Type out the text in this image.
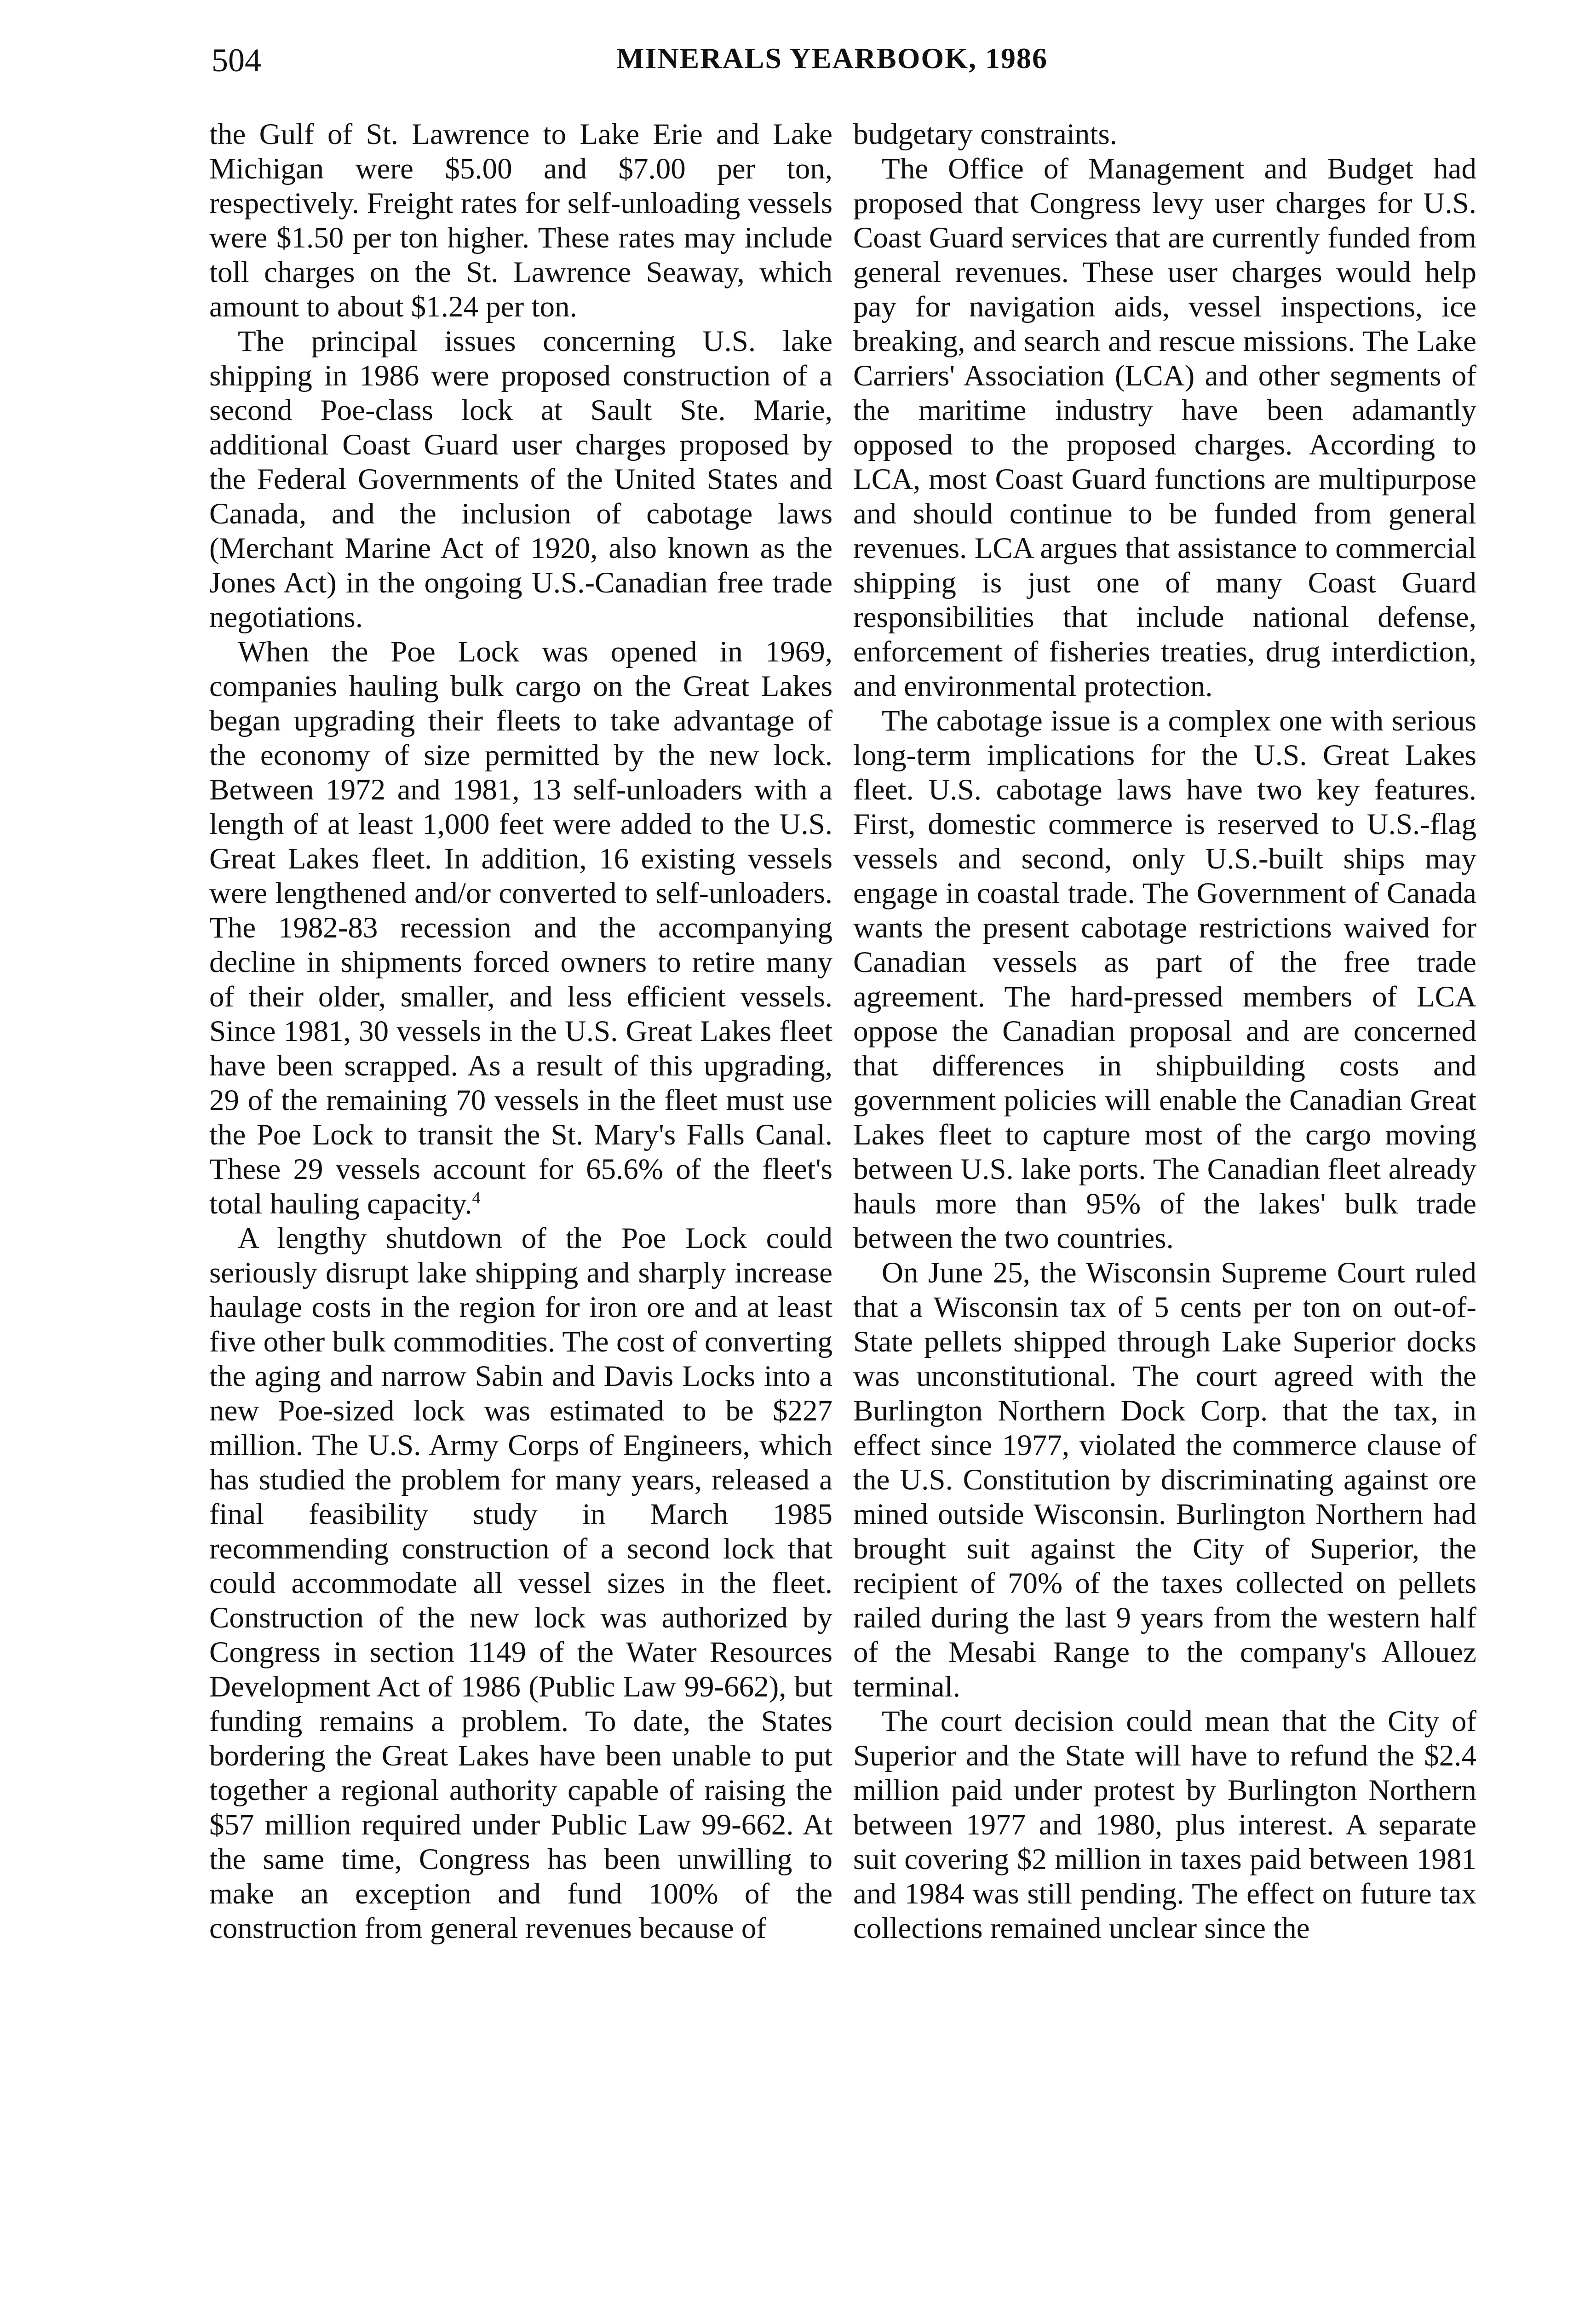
504	MINERALS YEARBOOK, 1986

the Gulf of St. Lawrence to Lake Erie and Lake Michigan were $5.00 and $7.00 per ton, respectively. Freight rates for self-unloading vessels were $1.50 per ton higher. These rates may include toll charges on the St. Lawrence Seaway, which amount to about $1.24 per ton.

The principal issues concerning U.S. lake shipping in 1986 were proposed construction of a second Poe-class lock at Sault Ste. Marie, additional Coast Guard user charges proposed by the Federal Governments of the United States and Canada, and the inclusion of cabotage laws (Merchant Marine Act of 1920, also known as the Jones Act) in the ongoing U.S.-Canadian free trade negotiations.

When the Poe Lock was opened in 1969, companies hauling bulk cargo on the Great Lakes began upgrading their fleets to take advantage of the economy of size permitted by the new lock. Between 1972 and 1981, 13 self-unloaders with a length of at least 1,000 feet were added to the U.S. Great Lakes fleet. In addition, 16 existing vessels were lengthened and/or converted to self-unloaders. The 1982-83 recession and the accompanying decline in shipments forced owners to retire many of their older, smaller, and less efficient vessels. Since 1981, 30 vessels in the U.S. Great Lakes fleet have been scrapped. As a result of this upgrading, 29 of the remaining 70 vessels in the fleet must use the Poe Lock to transit the St. Mary's Falls Canal. These 29 vessels account for 65.6% of the fleet's total hauling capacity.$^4$

A lengthy shutdown of the Poe Lock could seriously disrupt lake shipping and sharply increase haulage costs in the region for iron ore and at least five other bulk commodities. The cost of converting the aging and narrow Sabin and Davis Locks into a new Poe-sized lock was estimated to be $227 million. The U.S. Army Corps of Engineers, which has studied the problem for many years, released a final feasibility study in March 1985 recommending construction of a second lock that could accommodate all vessel sizes in the fleet. Construction of the new lock was authorized by Congress in section 1149 of the Water Resources Development Act of 1986 (Public Law 99-662), but funding remains a problem. To date, the States bordering the Great Lakes have been unable to put together a regional authority capable of raising the $57 million required under Public Law 99-662. At the same time, Congress has been unwilling to make an exception and fund 100% of the construction from general revenues because of

budgetary constraints.

The Office of Management and Budget had proposed that Congress levy user charges for U.S. Coast Guard services that are currently funded from general revenues. These user charges would help pay for navigation aids, vessel inspections, ice breaking, and search and rescue missions. The Lake Carriers' Association (LCA) and other segments of the maritime industry have been adamantly opposed to the proposed charges. According to LCA, most Coast Guard functions are multipurpose and should continue to be funded from general revenues. LCA argues that assistance to commercial shipping is just one of many Coast Guard responsibilities that include national defense, enforcement of fisheries treaties, drug interdiction, and environmental protection.

The cabotage issue is a complex one with serious long-term implications for the U.S. Great Lakes fleet. U.S. cabotage laws have two key features. First, domestic commerce is reserved to U.S.-flag vessels and second, only U.S.-built ships may engage in coastal trade. The Government of Canada wants the present cabotage restrictions waived for Canadian vessels as part of the free trade agreement. The hard-pressed members of LCA oppose the Canadian proposal and are concerned that differences in shipbuilding costs and government policies will enable the Canadian Great Lakes fleet to capture most of the cargo moving between U.S. lake ports. The Canadian fleet already hauls more than 95% of the lakes' bulk trade between the two countries.

On June 25, the Wisconsin Supreme Court ruled that a Wisconsin tax of 5 cents per ton on out-of-State pellets shipped through Lake Superior docks was unconstitutional. The court agreed with the Burlington Northern Dock Corp. that the tax, in effect since 1977, violated the commerce clause of the U.S. Constitution by discriminating against ore mined outside Wisconsin. Burlington Northern had brought suit against the City of Superior, the recipient of 70% of the taxes collected on pellets railed during the last 9 years from the western half of the Mesabi Range to the company's Allouez terminal.

The court decision could mean that the City of Superior and the State will have to refund the $2.4 million paid under protest by Burlington Northern between 1977 and 1980, plus interest. A separate suit covering $2 million in taxes paid between 1981 and 1984 was still pending. The effect on future tax collections remained unclear since the
